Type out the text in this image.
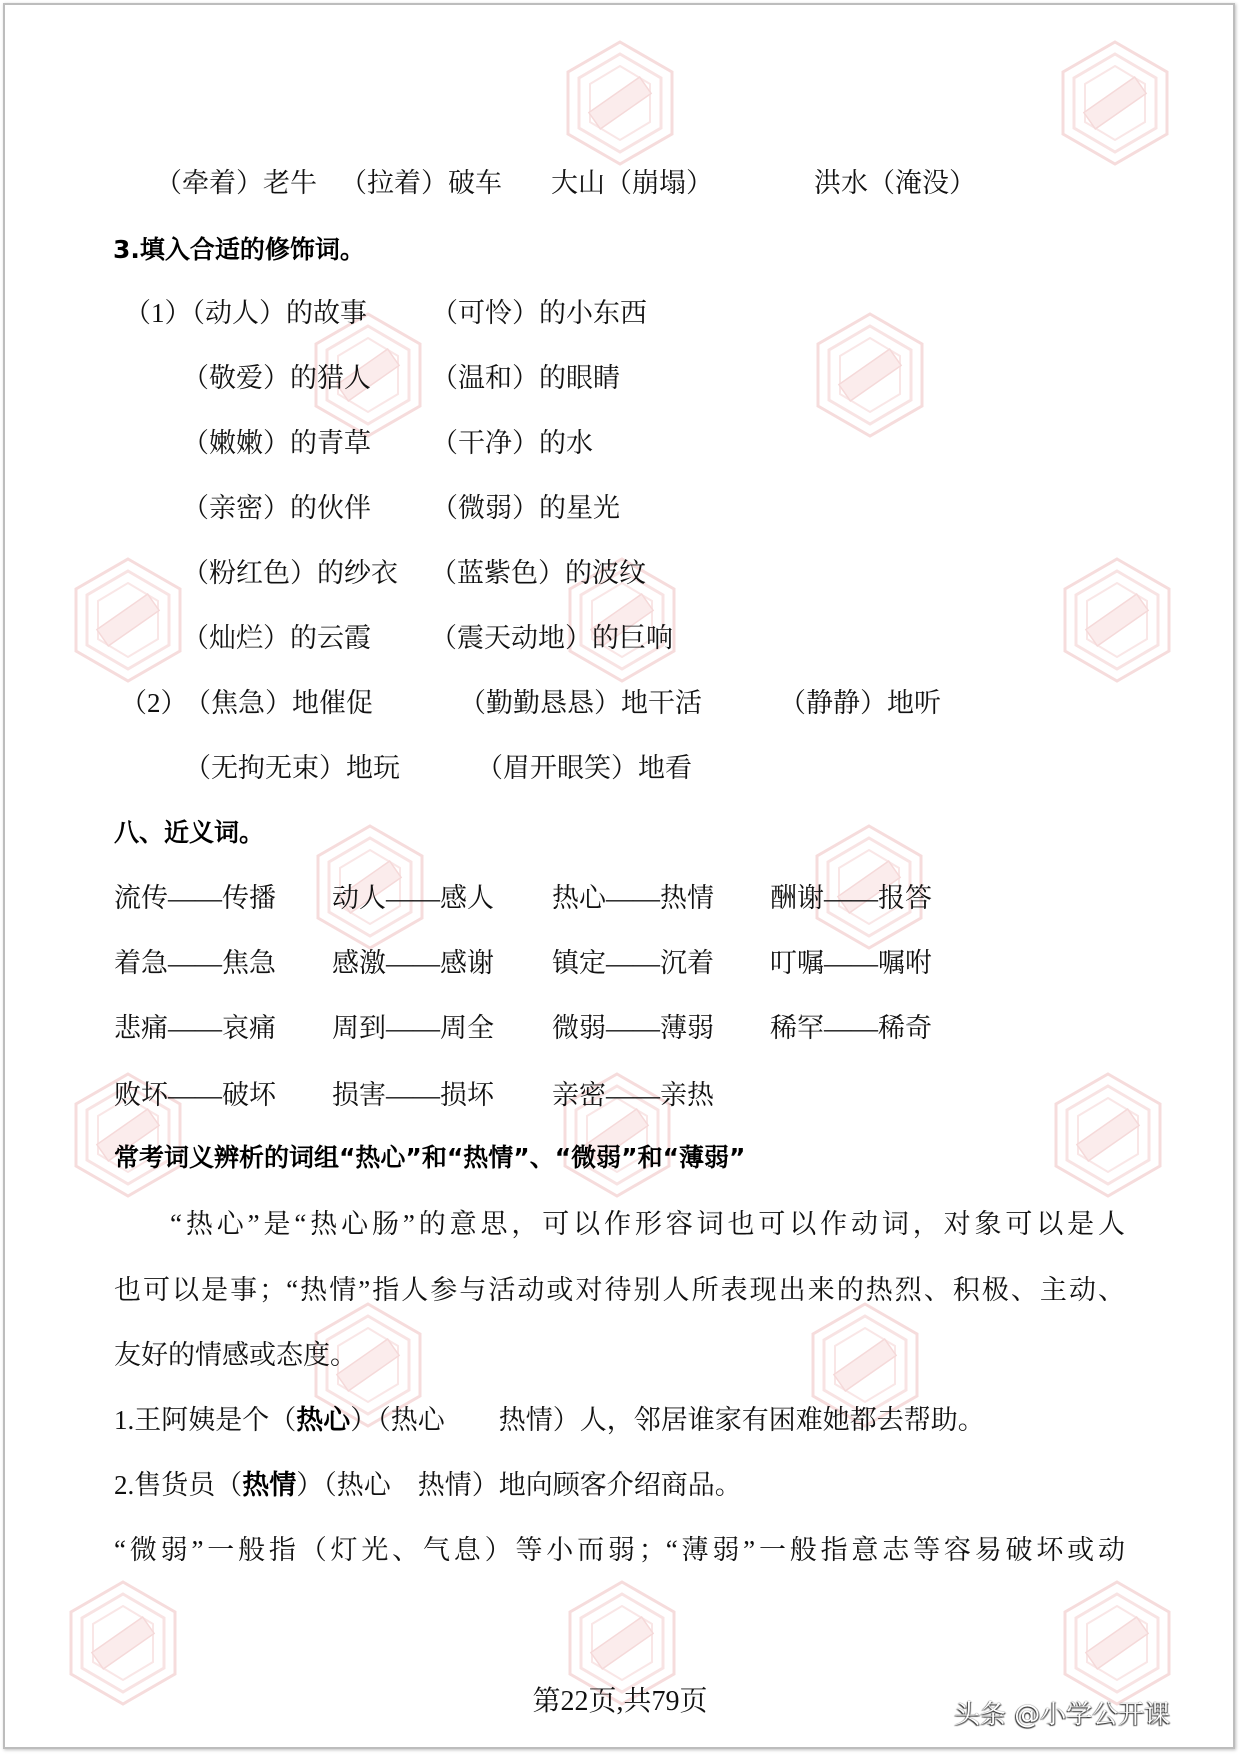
（牵着）老牛 （拉着）破车 大山（崩塌）	洪水（淹没）
3.填入合适的修饰词。
（1）
（动人）的故事 （可怜）的小东西
（敬爱）的猎人 （温和）的眼睛
（嫩嫩）的青草 （干净）的水
（亲密）的伙伴 （微弱）的星光
（粉红色）的纱衣 （蓝紫色）的波纹
（灿烂）的云霞 （震天动地）的巨响
（2）
（焦急）地催促	（勤勤恳恳）地干活	（静静）地听
（无拘无束）地玩	（眉开眼笑）地看
八、近义词。
流传——传播 动人——感人 热心——热情 酬谢——报答
着急——焦急 感激——感谢 镇定——沉着 叮嘱——嘱咐
悲痛——哀痛 周到——周全 微弱——薄弱 稀罕——稀奇
败坏——破坏 损害——损坏 亲密——亲热
常考词义辨析的词组“热心”和“热情”、“微弱”和“薄弱”
“热心”是“热心肠”的意思，可以作形容词也可以作动词，对象可以是人
也可以是事；“热情”指人参与活动或对待别人所表现出来的热烈、积极、主动、
友好的情感或态度。
1.王阿姨是个（热心）（热心　　热情）人，邻居谁家有困难她都去帮助。
2.售货员（热情）（热心　热情）地向顾客介绍商品。
“微弱”一般指（灯光、气息）等小而弱；“薄弱”一般指意志等容易破坏或动
第22页,共79页	头条 @小学公开课
